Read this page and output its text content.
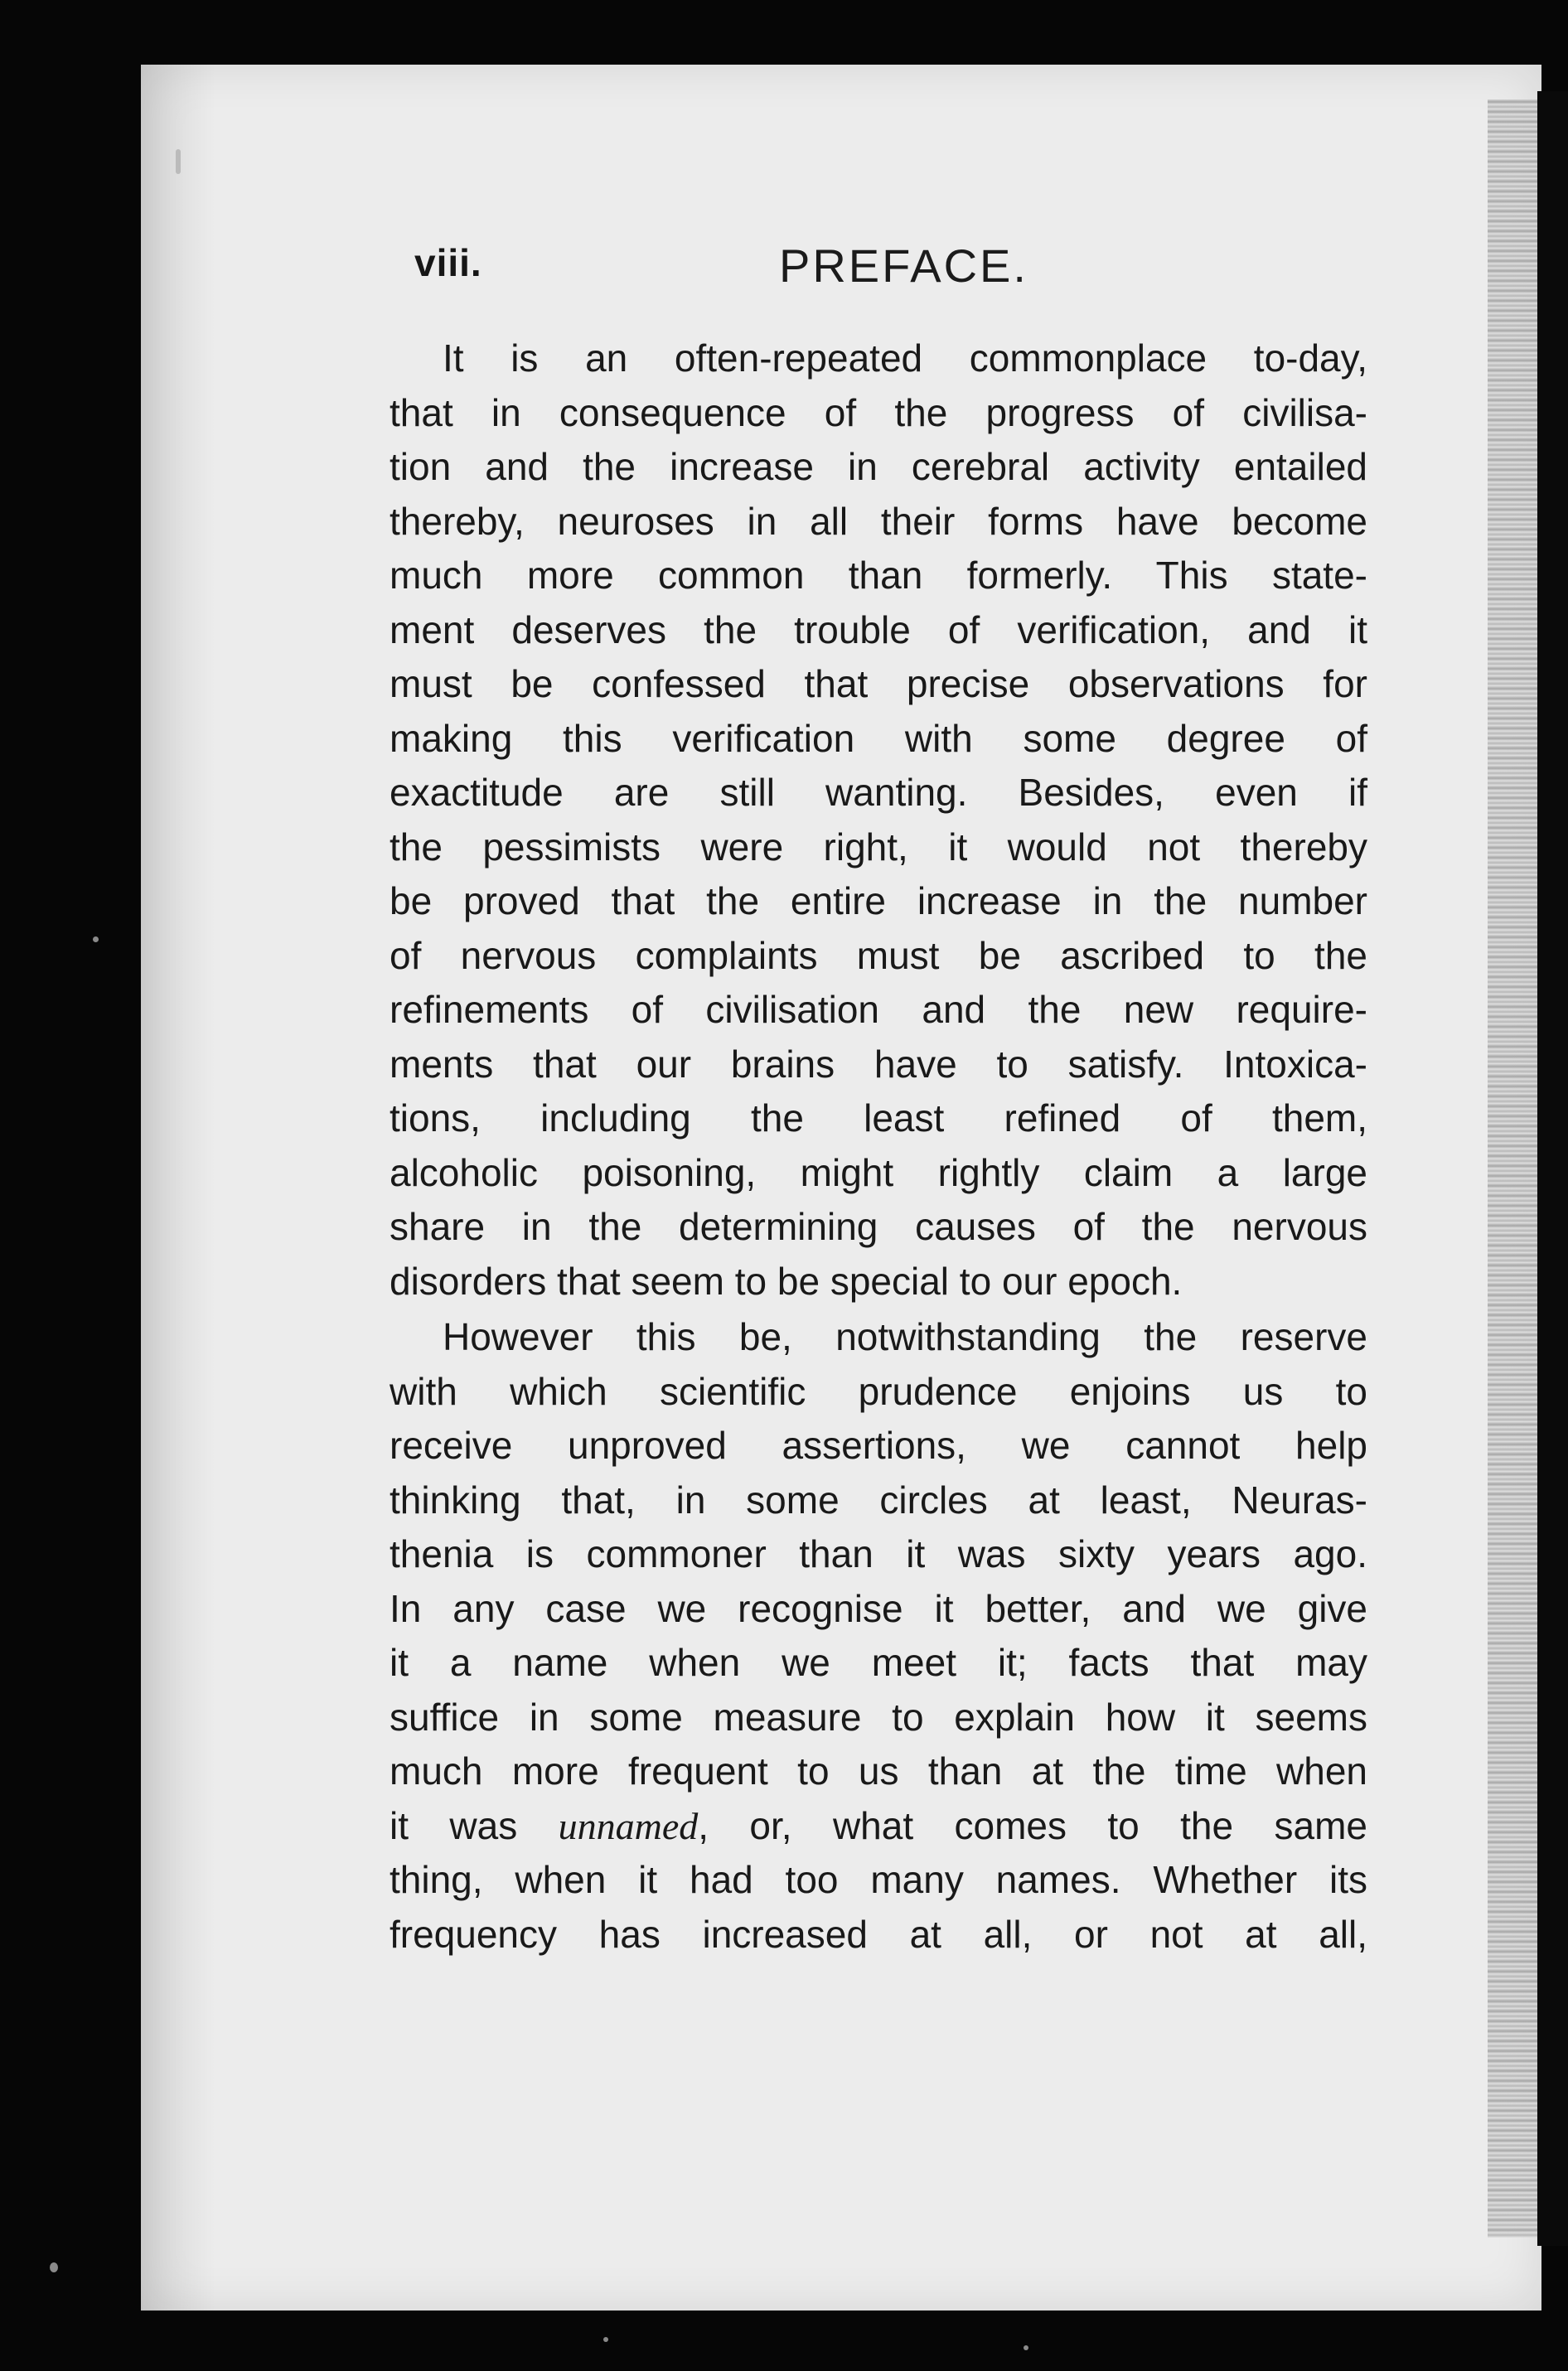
viii.	PREFACE.
It is an often-repeated commonplace to-day,
that in consequence of the progress of civilisa-
tion and the increase in cerebral activity entailed
thereby, neuroses in all their forms have become
much more common than formerly. This state-
ment deserves the trouble of verification, and it
must be confessed that precise observations for
making this verification with some degree of
exactitude are still wanting. Besides, even if
the pessimists were right, it would not thereby
be proved that the entire increase in the number
of nervous complaints must be ascribed to the
refinements of civilisation and the new require-
ments that our brains have to satisfy. Intoxica-
tions, including the least refined of them,
alcoholic poisoning, might rightly claim a large
share in the determining causes of the nervous
disorders that seem to be special to our epoch.
However this be, notwithstanding the reserve
with which scientific prudence enjoins us to
receive unproved assertions, we cannot help
thinking that, in some circles at least, Neuras-
thenia is commoner than it was sixty years ago.
In any case we recognise it better, and we give
it a name when we meet it; facts that may
suffice in some measure to explain how it seems
much more frequent to us than at the time when
it was unnamed, or, what comes to the same
thing, when it had too many names. Whether its
frequency has increased at all, or not at all,
